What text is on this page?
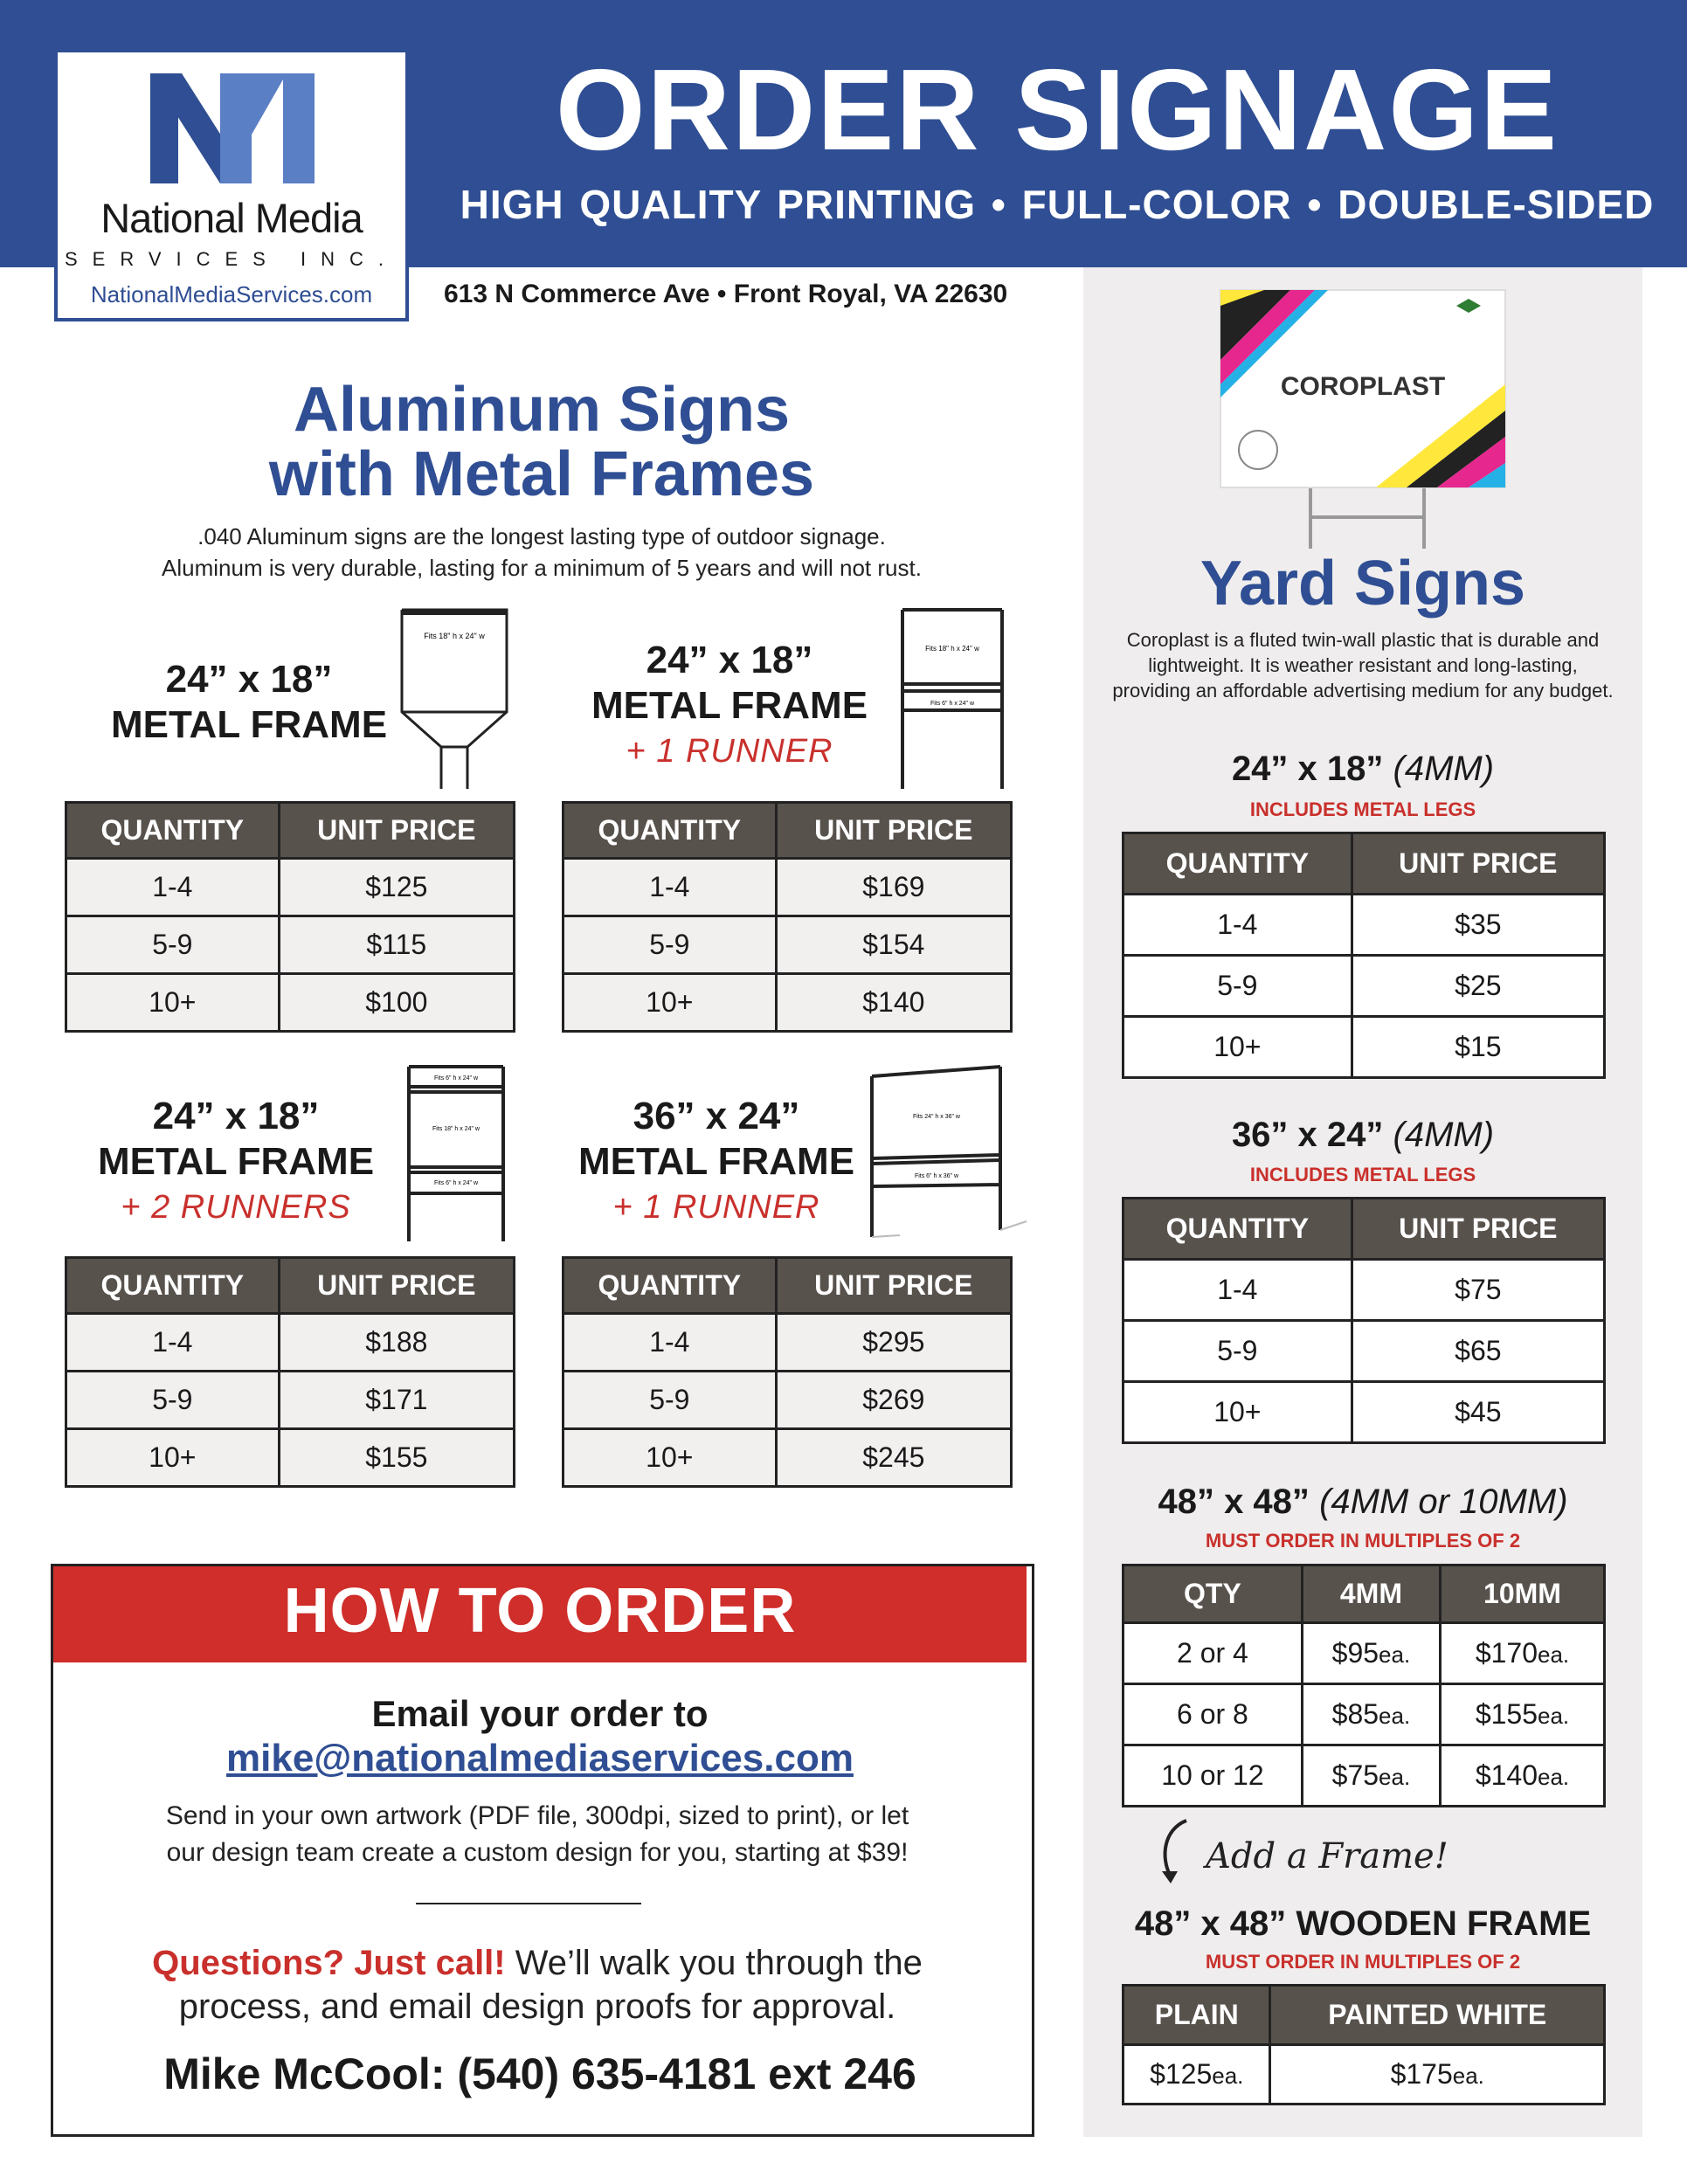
ORDER SIGNAGE
HIGH QUALITY PRINTING • FULL-COLOR • DOUBLE-SIDED
613 N Commerce Ave • Front Royal, VA 22630
National Media
SERVICES INC.
NationalMediaServices.com
Aluminum Signs
with Metal Frames
.040 Aluminum signs are the longest lasting type of outdoor signage.
Aluminum is very durable, lasting for a minimum of 5 years and will not rust.
24” x 18”
METAL FRAME
Fits 18" h x 24" w
24” x 18”
METAL FRAME
+ 1 RUNNER
Fits 18" h x 24" w
Fits 6" h x 24" w
QUANTITY	UNIT PRICE
1-4	$125
5-9	$115
10+	$100
QUANTITY	UNIT PRICE
1-4	$169
5-9	$154
10+	$140
24” x 18”
METAL FRAME
+ 2 RUNNERS
Fits 6" h x 24" w
Fits 18" h x 24" w
Fits 6" h x 24" w
36” x 24”
METAL FRAME
+ 1 RUNNER
Fits 24" h x 36" w
Fits 6" h x 36" w
QUANTITY	UNIT PRICE
1-4	$188
5-9	$171
10+	$155
QUANTITY	UNIT PRICE
1-4	$295
5-9	$269
10+	$245
HOW TO ORDER
Email your order to
mike@nationalmediaservices.com
Send in your own artwork (PDF file, 300dpi, sized to print), or let
our design team create a custom design for you, starting at $39!
Questions? Just call! We’ll walk you through the
process, and email design proofs for approval.
Mike McCool: (540) 635-4181 ext 246
COROPLAST
Yard Signs
Coroplast is a fluted twin-wall plastic that is durable and lightweight. It is weather resistant and long-lasting, providing an affordable advertising medium for any budget.
24” x 18” (4MM)
INCLUDES METAL LEGS
QUANTITY	UNIT PRICE
1-4	$35
5-9	$25
10+	$15
36” x 24” (4MM)
INCLUDES METAL LEGS
QUANTITY	UNIT PRICE
1-4	$75
5-9	$65
10+	$45
48” x 48” (4MM or 10MM)
MUST ORDER IN MULTIPLES OF 2
QTY	4MM	10MM
2 or 4	$95ea.	$170ea.
6 or 8	$85ea.	$155ea.
10 or 12	$75ea.	$140ea.
Add a Frame!
48” x 48” WOODEN FRAME
MUST ORDER IN MULTIPLES OF 2
PLAIN	PAINTED WHITE
$125ea.	$175ea.
